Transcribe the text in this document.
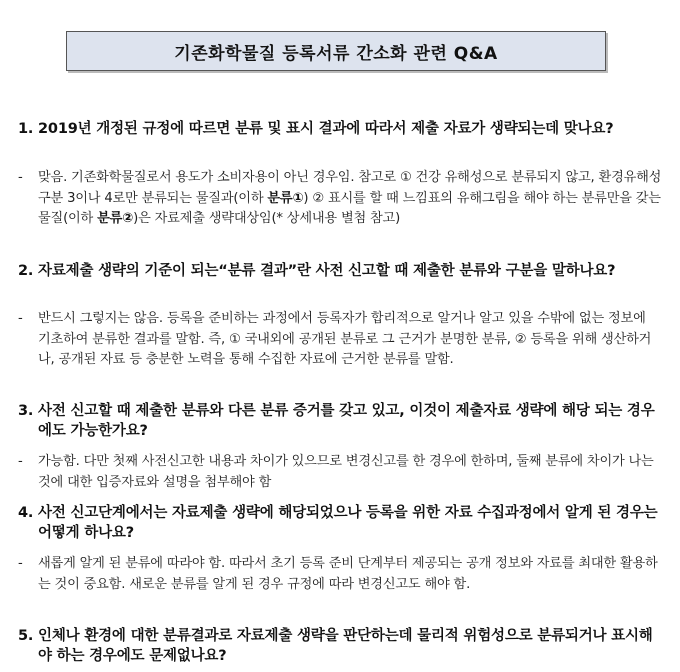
기존화학물질 등록서류 간소화 관련 Q&A

1. 2019년 개정된 규정에 따르면 분류 및 표시 결과에 따라서 제출 자료가 생략되는데 맞나요?

-	맞음. 기존화학물질로서 용도가 소비자용이 아닌 경우임. 참고로 ① 건강 유해성으로 분류되지 않고, 환경유해성 구분 3이나 4로만 분류되는 물질과(이하 분류①) ② 표시를 할 때 느낌표의 유해그림을 해야 하는 분류만을 갖는 물질(이하 분류②)은 자료제출 생략대상임(* 상세내용 별첨 참고)

2. 자료제출 생략의 기준이 되는“분류 결과”란 사전 신고할 때 제출한 분류와 구분을 말하나요?

-	반드시 그렇지는 않음. 등록을 준비하는 과정에서 등록자가 합리적으로 알거나 알고 있을 수밖에 없는 정보에 기초하여 분류한 결과를 말함. 즉, ① 국내외에 공개된 분류로 그 근거가 분명한 분류, ② 등록을 위해 생산하거나, 공개된 자료 등 충분한 노력을 통해 수집한 자료에 근거한 분류를 말함.

3. 사전 신고할 때 제출한 분류와 다른 분류 증거를 갖고 있고, 이것이 제출자료 생략에 해당 되는 경우에도 가능한가요?

-	가능함. 다만 첫째 사전신고한 내용과 차이가 있으므로 변경신고를 한 경우에 한하며, 둘째 분류에 차이가 나는 것에 대한 입증자료와 설명을 첨부해야 함

4. 사전 신고단계에서는 자료제출 생략에 해당되었으나 등록을 위한 자료 수집과정에서 알게 된 경우는 어떻게 하나요?

-	새롭게 알게 된 분류에 따라야 함. 따라서 초기 등록 준비 단계부터 제공되는 공개 정보와 자료를 최대한 활용하는 것이 중요함. 새로운 분류를 알게 된 경우 규정에 따라 변경신고도 해야 함.

5. 인체나 환경에 대한 분류결과로 자료제출 생략을 판단하는데 물리적 위험성으로 분류되거나 표시해야 하는 경우에도 문제없나요?
